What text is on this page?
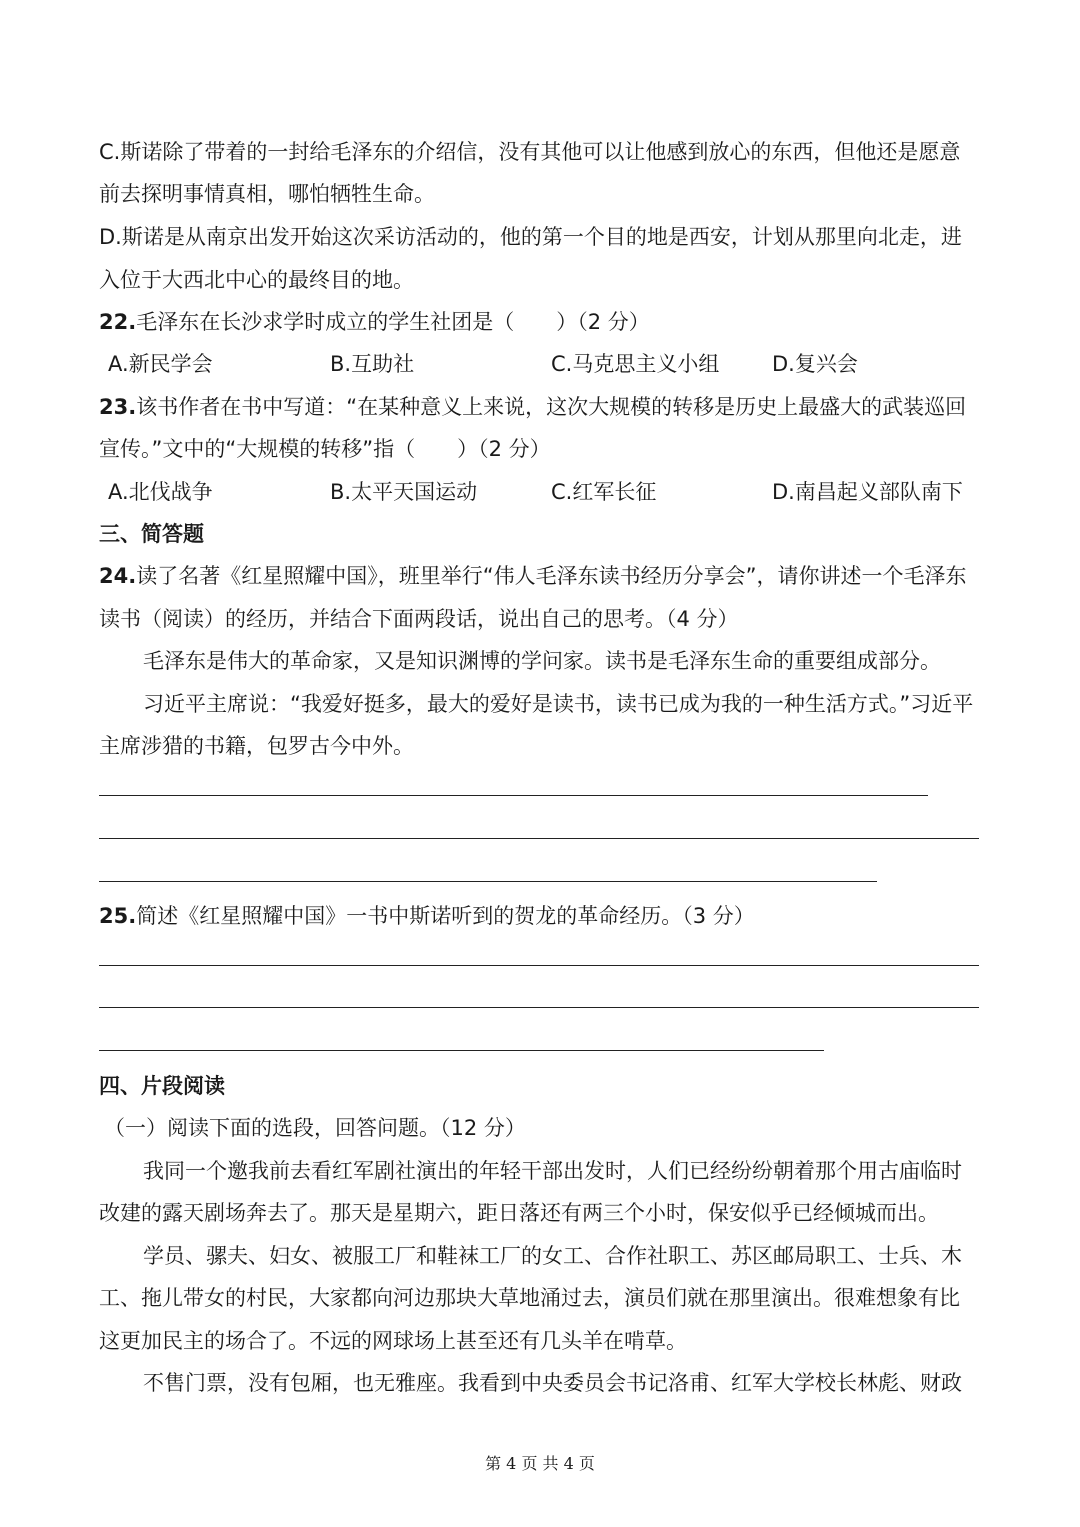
C.斯诺除了带着的一封给毛泽东的介绍信，没有其他可以让他感到放心的东西，但他还是愿意
前去探明事情真相，哪怕牺牲生命。
D.斯诺是从南京出发开始这次采访活动的，他的第一个目的地是西安，计划从那里向北走，进
入位于大西北中心的最终目的地。
22.毛泽东在长沙求学时成立的学生社团是（　　）（2 分）
A.新民学会	B.互助社	C.马克思主义小组	D.复兴会
23.该书作者在书中写道：“在某种意义上来说，这次大规模的转移是历史上最盛大的武装巡回
宣传。”文中的“大规模的转移”指（　　）（2 分）
A.北伐战争	B.太平天国运动	C.红军长征	D.南昌起义部队南下
三、简答题
24.读了名著《红星照耀中国》，班里举行“伟人毛泽东读书经历分享会”，请你讲述一个毛泽东
读书（阅读）的经历，并结合下面两段话，说出自己的思考。（4 分）
毛泽东是伟大的革命家，又是知识渊博的学问家。读书是毛泽东生命的重要组成部分。
习近平主席说：“我爱好挺多，最大的爱好是读书，读书已成为我的一种生活方式。”习近平
主席涉猎的书籍，包罗古今中外。
25.简述《红星照耀中国》一书中斯诺听到的贺龙的革命经历。（3 分）
四、片段阅读
（一）阅读下面的选段，回答问题。（12 分）
我同一个邀我前去看红军剧社演出的年轻干部出发时，人们已经纷纷朝着那个用古庙临时
改建的露天剧场奔去了。那天是星期六，距日落还有两三个小时，保安似乎已经倾城而出。
学员、骡夫、妇女、被服工厂和鞋袜工厂的女工、合作社职工、苏区邮局职工、士兵、木
工、拖儿带女的村民，大家都向河边那块大草地涌过去，演员们就在那里演出。很难想象有比
这更加民主的场合了。不远的网球场上甚至还有几头羊在啃草。
不售门票，没有包厢，也无雅座。我看到中央委员会书记洛甫、红军大学校长林彪、财政
第 4 页 共 4 页
